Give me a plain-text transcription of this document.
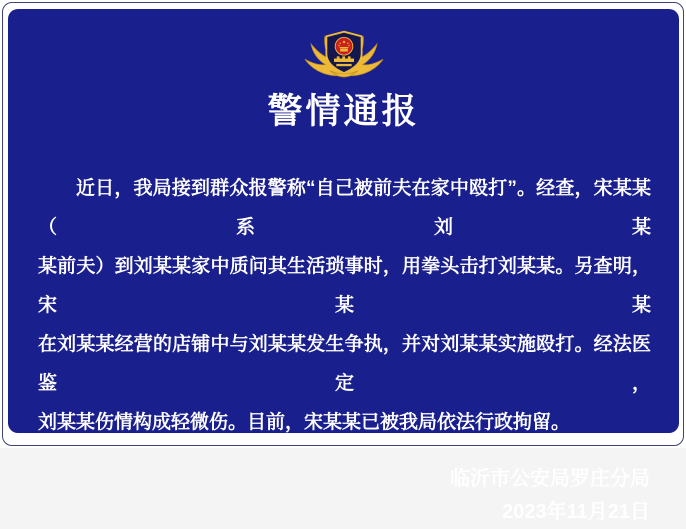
警情通报

近日，我局接到群众报警称“自己被前夫在家中殴打”。经查，宋某某（系刘某

某前夫）到刘某某家中质问其生活琐事时，用拳头击打刘某某。另查明，宋某某

在刘某某经营的店铺中与刘某某发生争执，并对刘某某实施殴打。经法医鉴定，

刘某某伤情构成轻微伤。目前，宋某某已被我局依法行政拘留。

临沂市公安局罗庄分局

2023年11月21日
